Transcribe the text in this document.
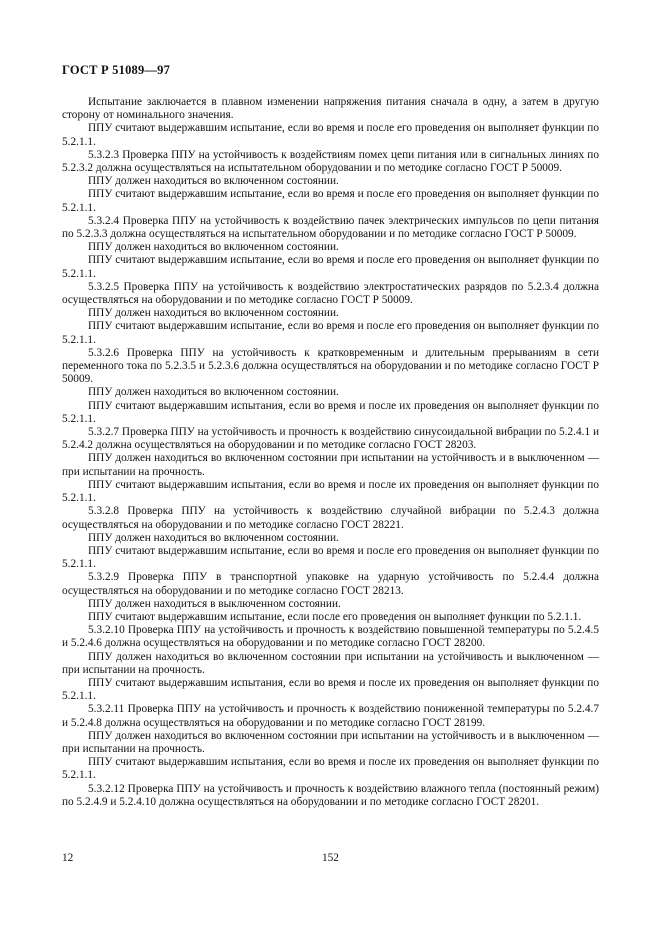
ГОСТ Р 51089—97

Испытание заключается в плавном изменении напряжения питания сначала в одну, а затем в другую сторону от номинального значения.

ППУ считают выдержавшим испытание, если во время и после его проведения он выполняет функции по 5.2.1.1.

5.3.2.3 Проверка ППУ на устойчивость к воздействиям помех цепи питания или в сигнальных линиях по 5.2.3.2 должна осуществляться на испытательном оборудовании и по методике согласно ГОСТ Р 50009.

ППУ должен находиться во включенном состоянии.

ППУ считают выдержавшим испытание, если во время и после его проведения он выполняет функции по 5.2.1.1.

5.3.2.4 Проверка ППУ на устойчивость к воздействию пачек электрических импульсов по цепи питания по 5.2.3.3 должна осуществляться на испытательном оборудовании и по методике согласно ГОСТ Р 50009.

ППУ должен находиться во включенном состоянии.

ППУ считают выдержавшим испытание, если во время и после его проведения он выполняет функции по 5.2.1.1.

5.3.2.5 Проверка ППУ на устойчивость к воздействию электростатических разрядов по 5.2.3.4 должна осуществляться на оборудовании и по методике согласно ГОСТ Р 50009.

ППУ должен находиться во включенном состоянии.

ППУ считают выдержавшим испытание, если во время и после его проведения он выполняет функции по 5.2.1.1.

5.3.2.6 Проверка ППУ на устойчивость к кратковременным и длительным прерываниям в сети переменного тока по 5.2.3.5 и 5.2.3.6 должна осуществляться на оборудовании и по методике согласно ГОСТ Р 50009.

ППУ должен находиться во включенном состоянии.

ППУ считают выдержавшим испытания, если во время и после их проведения он выполняет функции по 5.2.1.1.

5.3.2.7 Проверка ППУ на устойчивость и прочность к воздействию синусоидальной вибрации по 5.2.4.1 и 5.2.4.2 должна осуществляться на оборудовании и по методике согласно ГОСТ 28203.

ППУ должен находиться во включенном состоянии при испытании на устойчивость и в выключенном — при испытании на прочность.

ППУ считают выдержавшим испытания, если во время и после их проведения он выполняет функции по 5.2.1.1.

5.3.2.8 Проверка ППУ на устойчивость к воздействию случайной вибрации по 5.2.4.3 должна осуществляться на оборудовании и по методике согласно ГОСТ 28221.

ППУ должен находиться во включенном состоянии.

ППУ считают выдержавшим испытание, если во время и после его проведения он выполняет функции по 5.2.1.1.

5.3.2.9 Проверка ППУ в транспортной упаковке на ударную устойчивость по 5.2.4.4 должна осуществляться на оборудовании и по методике согласно ГОСТ 28213.

ППУ должен находиться в выключенном состоянии.

ППУ считают выдержавшим испытание, если после его проведения он выполняет функции по 5.2.1.1.

5.3.2.10 Проверка ППУ на устойчивость и прочность к воздействию повышенной температуры по 5.2.4.5 и 5.2.4.6 должна осуществляться на оборудовании и по методике согласно ГОСТ 28200.

ППУ должен находиться во включенном состоянии при испытании на устойчивость и выключенном — при испытании на прочность.

ППУ считают выдержавшим испытания, если во время и после их проведения он выполняет функции по 5.2.1.1.

5.3.2.11 Проверка ППУ на устойчивость и прочность к воздействию пониженной температуры по 5.2.4.7 и 5.2.4.8 должна осуществляться на оборудовании и по методике согласно ГОСТ 28199.

ППУ должен находиться во включенном состоянии при испытании на устойчивость и в выключенном — при испытании на прочность.

ППУ считают выдержавшим испытания, если во время и после их проведения он выполняет функции по 5.2.1.1.

5.3.2.12 Проверка ППУ на устойчивость и прочность к воздействию влажного тепла (постоянный режим) по 5.2.4.9 и 5.2.4.10 должна осуществляться на оборудовании и по методике согласно ГОСТ 28201.

12	152
